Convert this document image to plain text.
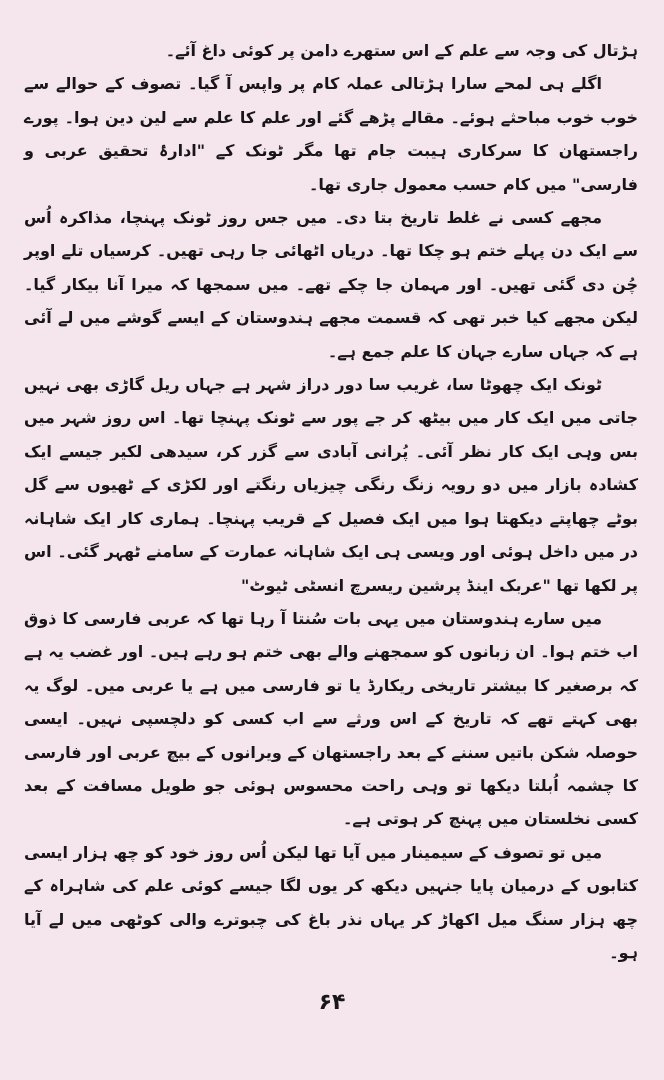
ہڑتال کی وجہ سے علم کے اس ستھرے دامن پر کوئی داغ آئے۔

اگلے ہی لمحے سارا ہڑتالی عملہ کام پر واپس آ گیا۔ تصوف کے حوالے سے خوب خوب مباحثے ہوئے۔ مقالے پڑھے گئے اور علم کا علم سے لین دین ہوا۔ پورے راجستھان کا سرکاری ہیبت جام تھا مگر ٹونک کے "ادارۂ تحقیق عربی و فارسی" میں کام حسب معمول جاری تھا۔

مجھے کسی نے غلط تاریخ بتا دی۔ میں جس روز ٹونک پہنچا، مذاکرہ اُس سے ایک دن پہلے ختم ہو چکا تھا۔ دریاں اٹھائی جا رہی تھیں۔ کرسیاں تلے اوپر چُن دی گئی تھیں۔ اور مہمان جا چکے تھے۔ میں سمجھا کہ میرا آنا بیکار گیا۔ لیکن مجھے کیا خبر تھی کہ قسمت مجھے ہندوستان کے ایسے گوشے میں لے آئی ہے کہ جہاں سارے جہان کا علم جمع ہے۔

ٹونک ایک چھوٹا سا، غریب سا دور دراز شہر ہے جہاں ریل گاڑی بھی نہیں جاتی میں ایک کار میں بیٹھ کر جے پور سے ٹونک پہنچا تھا۔ اس روز شہر میں بس وہی ایک کار نظر آئی۔ پُرانی آبادی سے گزر کر، سیدھی لکیر جیسے ایک کشادہ بازار میں دو رویہ زنگ رنگی چیزیاں رنگتے اور لکڑی کے ٹھیوں سے گل بوٹے چھاپتے دیکھتا ہوا میں ایک فصیل کے قریب پہنچا۔ ہماری کار ایک شاہانہ در میں داخل ہوئی اور ویسی ہی ایک شاہانہ عمارت کے سامنے ٹھہر گئی۔ اس پر لکھا تھا "عربک اینڈ پرشین ریسرچ انسٹی ٹیوٹ"

میں سارے ہندوستان میں یہی بات سُنتا آ رہا تھا کہ عربی فارسی کا ذوق اب ختم ہوا۔ ان زبانوں کو سمجھنے والے بھی ختم ہو رہے ہیں۔ اور غضب یہ ہے کہ برصغیر کا بیشتر تاریخی ریکارڈ یا تو فارسی میں ہے یا عربی میں۔ لوگ یہ بھی کہتے تھے کہ تاریخ کے اس ورثے سے اب کسی کو دلچسپی نہیں۔ ایسی حوصلہ شکن باتیں سننے کے بعد راجستھان کے ویرانوں کے بیچ عربی اور فارسی کا چشمہ اُبلتا دیکھا تو وہی راحت محسوس ہوئی جو طویل مسافت کے بعد کسی نخلستان میں پہنچ کر ہوتی ہے۔

میں تو تصوف کے سیمینار میں آیا تھا لیکن اُس روز خود کو چھ ہزار ایسی کتابوں کے درمیان پایا جنہیں دیکھ کر یوں لگا جیسے کوئی علم کی شاہراہ کے چھ ہزار سنگ میل اکھاڑ کر یہاں نذر باغ کی چبوترے والی کوٹھی میں لے آیا ہو۔

۶۴
